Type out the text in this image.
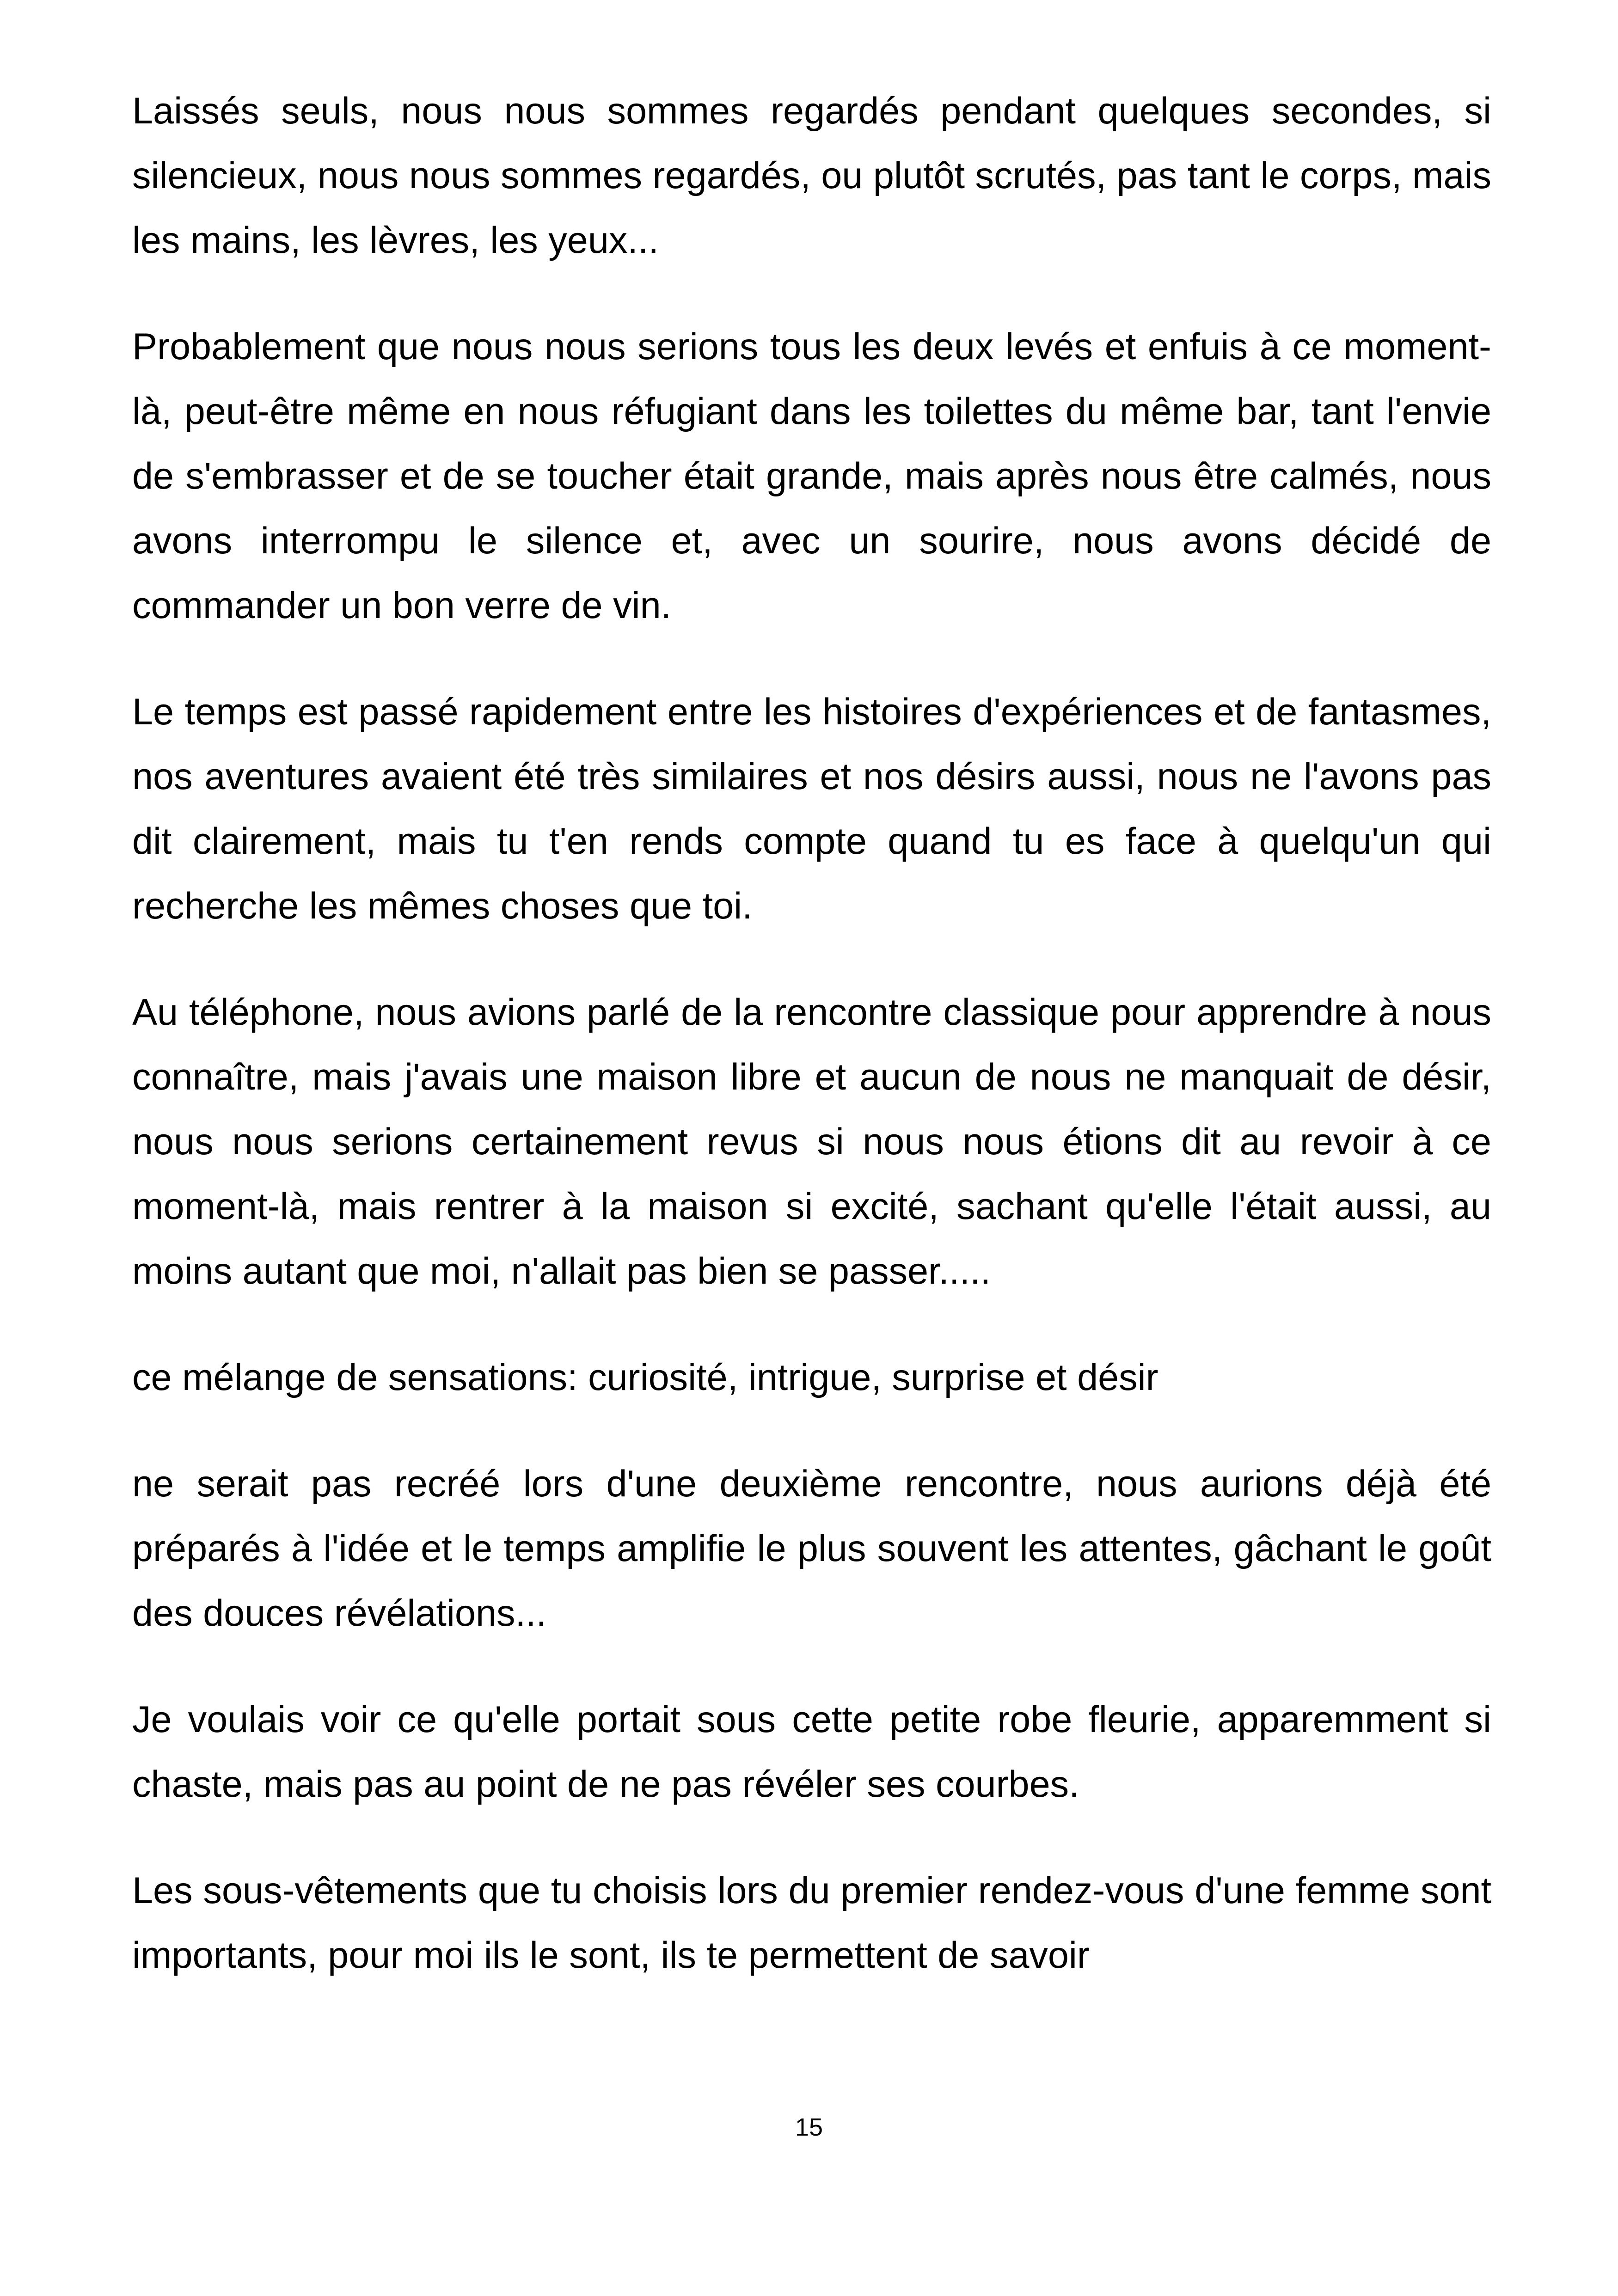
Laissés seuls, nous nous sommes regardés pendant quelques secondes, si silencieux, nous nous sommes regardés, ou plutôt scrutés, pas tant le corps, mais les mains, les lèvres, les yeux...

Probablement que nous nous serions tous les deux levés et enfuis à ce moment-là, peut-être même en nous réfugiant dans les toilettes du même bar, tant l'envie de s'embrasser et de se toucher était grande, mais après nous être calmés, nous avons interrompu le silence et, avec un sourire, nous avons décidé de commander un bon verre de vin.

Le temps est passé rapidement entre les histoires d'expériences et de fantasmes, nos aventures avaient été très similaires et nos désirs aussi, nous ne l'avons pas dit clairement, mais tu t'en rends compte quand tu es face à quelqu'un qui recherche les mêmes choses que toi.

Au téléphone, nous avions parlé de la rencontre classique pour apprendre à nous connaître, mais j'avais une maison libre et aucun de nous ne manquait de désir, nous nous serions certainement revus si nous nous étions dit au revoir à ce moment-là, mais rentrer à la maison si excité, sachant qu'elle l'était aussi, au moins autant que moi, n'allait pas bien se passer.....

ce mélange de sensations: curiosité, intrigue, surprise et désir

ne serait pas recréé lors d'une deuxième rencontre, nous aurions déjà été préparés à l'idée et le temps amplifie le plus souvent les attentes, gâchant le goût des douces révélations...

Je voulais voir ce qu'elle portait sous cette petite robe fleurie, apparemment si chaste, mais pas au point de ne pas révéler ses courbes.

Les sous-vêtements que tu choisis lors du premier rendez-vous d'une femme sont importants, pour moi ils le sont, ils te permettent de savoir

15
